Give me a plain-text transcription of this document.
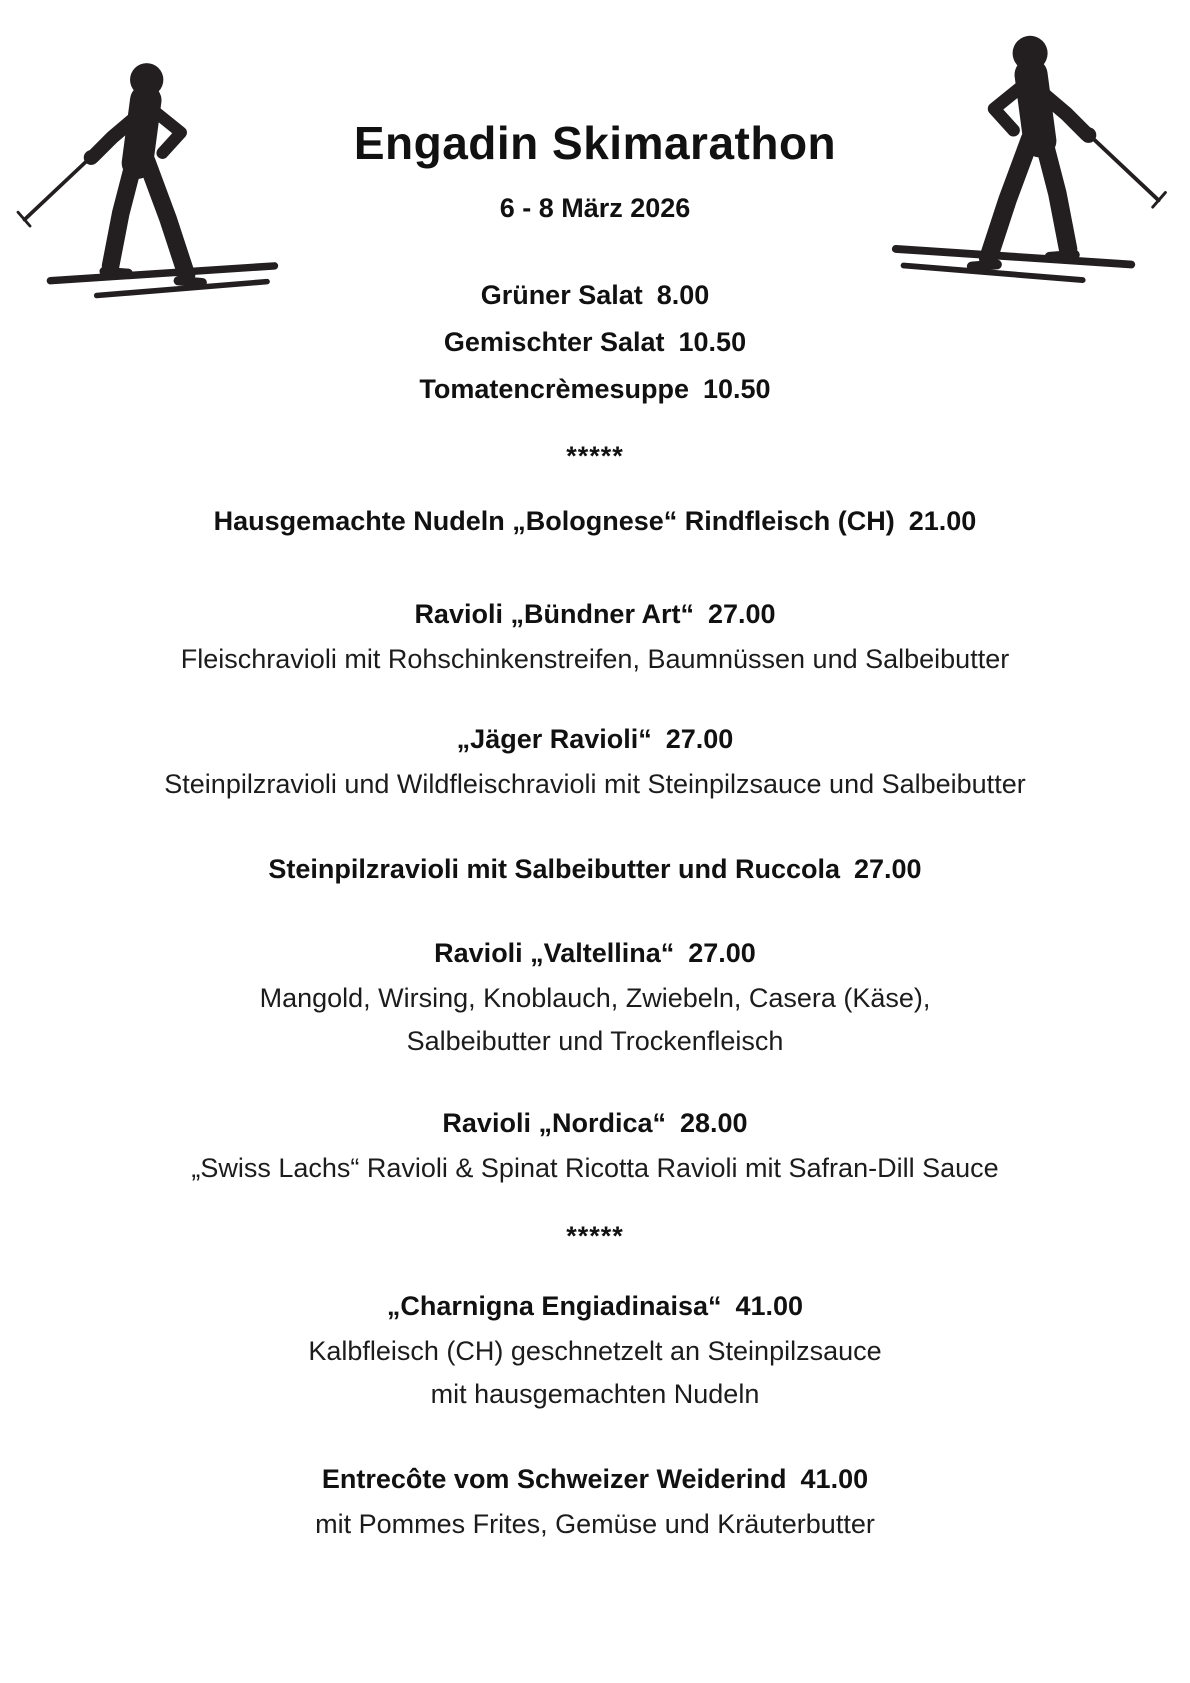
Engadin Skimarathon
6 - 8 März 2026
Grüner Salat 8.00
Gemischter Salat 10.50
Tomatencrèmesuppe 10.50
*****
Hausgemachte Nudeln „Bolognese“ Rindfleisch (CH) 21.00
Ravioli „Bündner Art“ 27.00
Fleischravioli mit Rohschinkenstreifen, Baumnüssen und Salbeibutter
„Jäger Ravioli“ 27.00
Steinpilzravioli und Wildfleischravioli mit Steinpilzsauce und Salbeibutter
Steinpilzravioli mit Salbeibutter und Ruccola 27.00
Ravioli „Valtellina“ 27.00
Mangold, Wirsing, Knoblauch, Zwiebeln, Casera (Käse),
Salbeibutter und Trockenfleisch
Ravioli „Nordica“ 28.00
„Swiss Lachs“ Ravioli & Spinat Ricotta Ravioli mit Safran-Dill Sauce
*****
„Charnigna Engiadinaisa“ 41.00
Kalbfleisch (CH) geschnetzelt an Steinpilzsauce
mit hausgemachten Nudeln
Entrecôte vom Schweizer Weiderind 41.00
mit Pommes Frites, Gemüse und Kräuterbutter
